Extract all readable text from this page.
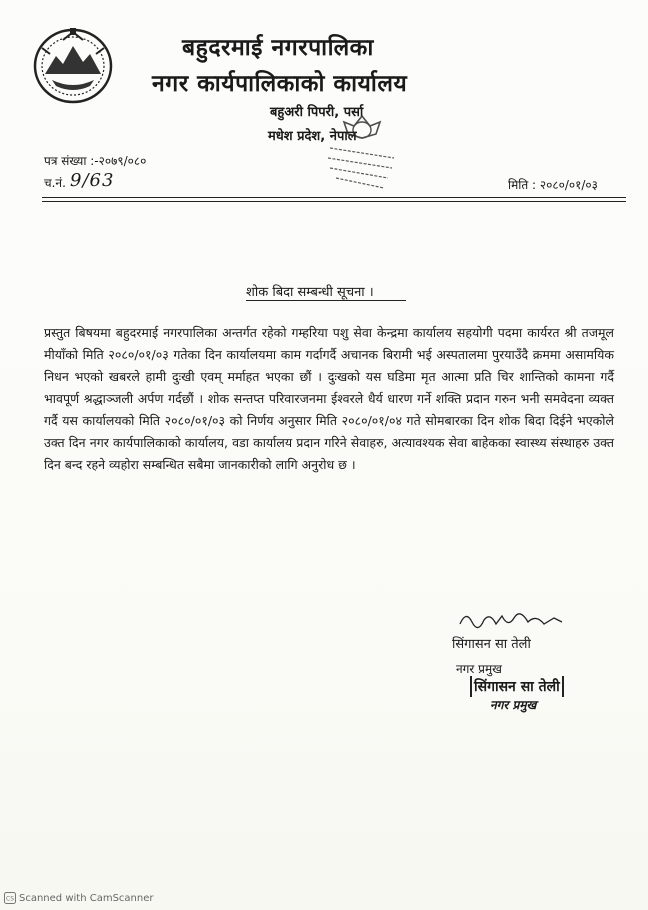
बहुदरमाई नगरपालिका
नगर कार्यपालिकाको कार्यालय
बहुअरी पिपरी, पर्सा
मधेश प्रदेश, नेपाल
पत्र संख्या :-२०७९/०८०
च.नं. 9/63	मिति : २०८०/०१/०३
शोक बिदा सम्बन्धी सूचना ।

प्रस्तुत बिषयमा बहुदरमाई नगरपालिका अन्तर्गत रहेको गम्हरिया पशु सेवा केन्द्रमा कार्यालय सहयोगी पदमा कार्यरत श्री तजमूल मीयाँको मिति २०८०/०१/०३ गतेका दिन कार्यालयमा काम गर्दागर्दै अचानक बिरामी भई अस्पतालमा पुरयाउँदै क्रममा असामयिक निधन भएको खबरले हामी दुःखी एवम् मर्माहत भएका छौं । दुःखको यस घडिमा मृत आत्मा प्रति चिर शान्तिको कामना गर्दै भावपूर्ण श्रद्धाञ्जली अर्पण गर्दछौं । शोक सन्तप्त परिवारजनमा ईश्वरले धैर्य धारण गर्ने शक्ति प्रदान गरुन भनी समवेदना व्यक्त गर्दै यस कार्यालयको मिति २०८०/०१/०३ को निर्णय अनुसार मिति २०८०/०१/०४ गते सोमबारका दिन शोक बिदा दिईने भएकोले उक्त दिन नगर कार्यपालिकाको कार्यालय, वडा कार्यालय प्रदान गरिने सेवाहरु, अत्यावश्यक सेवा बाहेकका स्वास्थ्य संस्थाहरु उक्त दिन बन्द रहने व्यहोरा सम्बन्धित सबैमा जानकारीको लागि अनुरोध छ ।

सिंगासन सा तेली
नगर प्रमुख
सिंगासन सा तेली
नगर प्रमुख
CS Scanned with CamScanner
